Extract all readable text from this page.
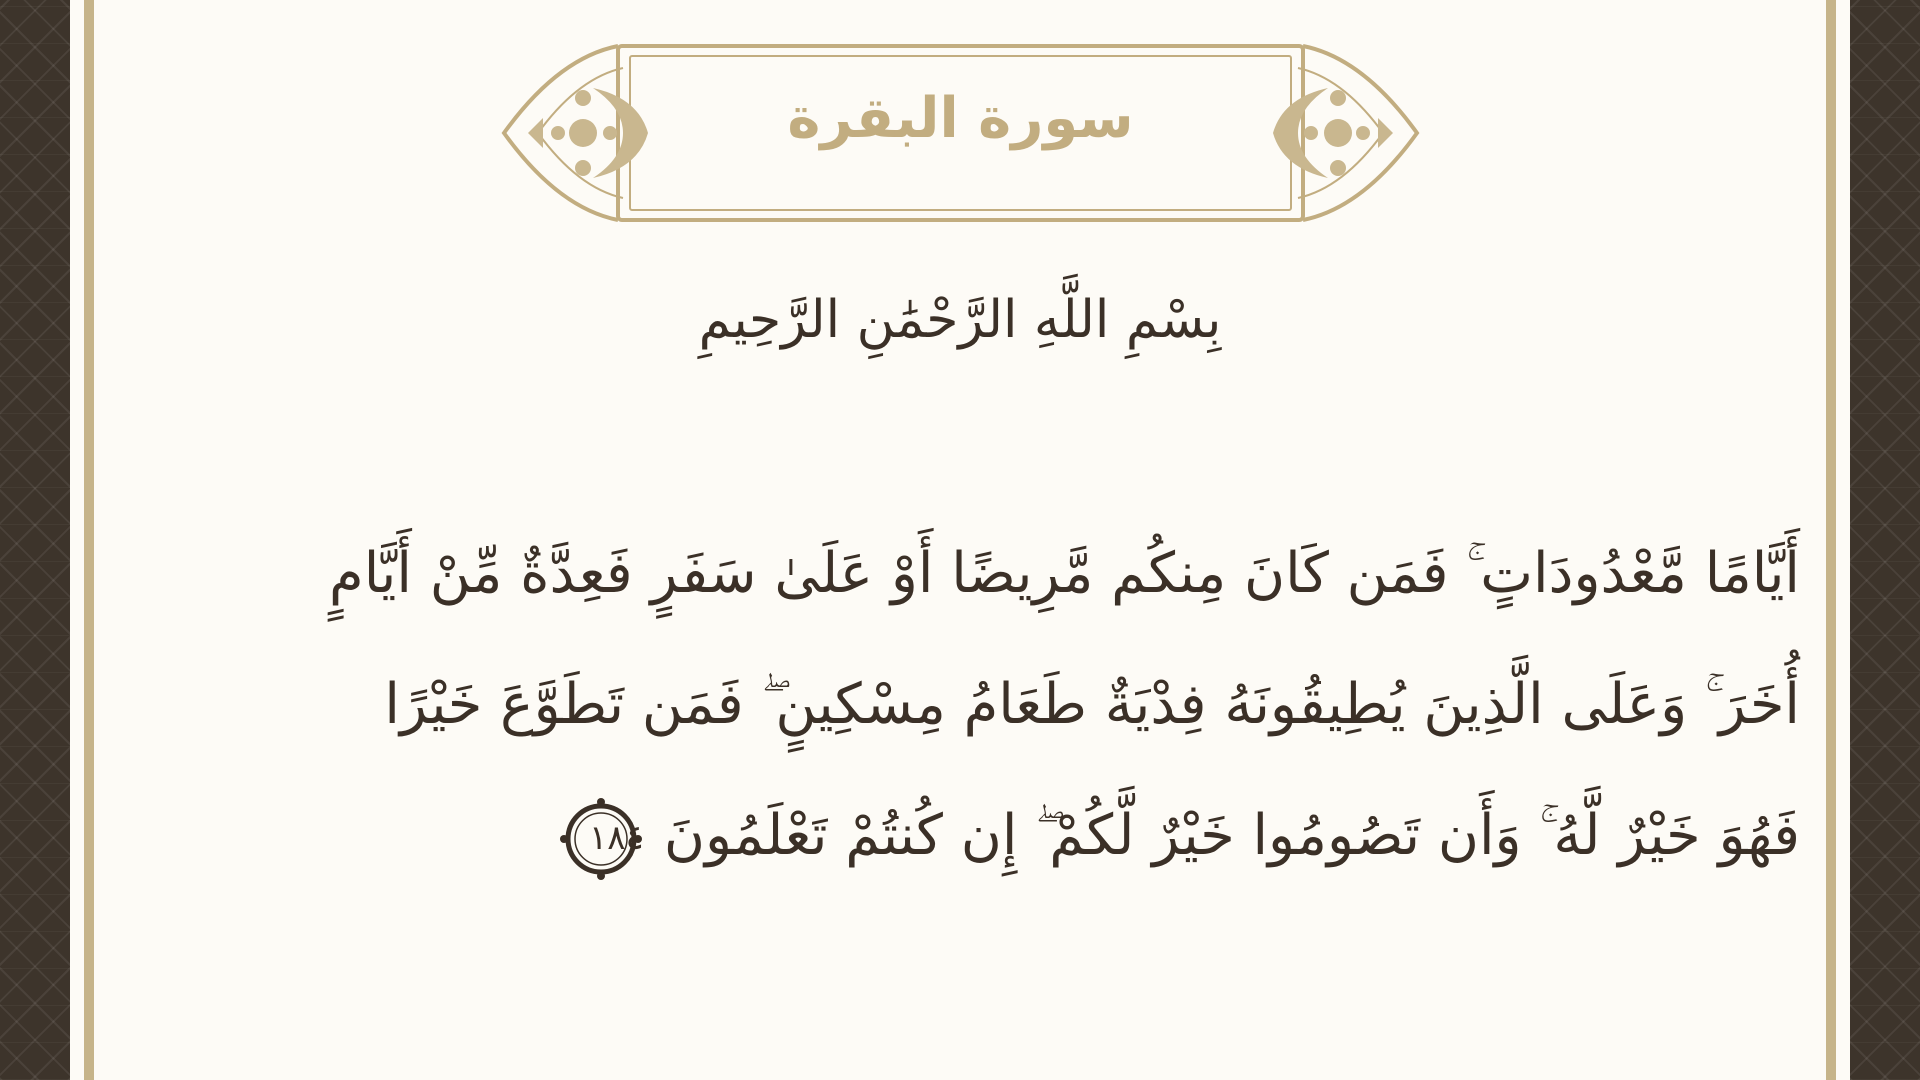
سورة البقرة
بِسْمِ اللَّهِ الرَّحْمَٰنِ الرَّحِيمِ
أَيَّامًا مَّعْدُودَاتٍ ۚ فَمَن كَانَ مِنكُم مَّرِيضًا أَوْ عَلَىٰ سَفَرٍ فَعِدَّةٌ مِّنْ أَيَّامٍ
أُخَرَ ۚ وَعَلَى الَّذِينَ يُطِيقُونَهُ فِدْيَةٌ طَعَامُ مِسْكِينٍ ۖ فَمَن تَطَوَّعَ خَيْرًا
فَهُوَ خَيْرٌ لَّهُ ۚ وَأَن تَصُومُوا خَيْرٌ لَّكُمْ ۖ إِن كُنتُمْ تَعْلَمُونَ
١٨٤
